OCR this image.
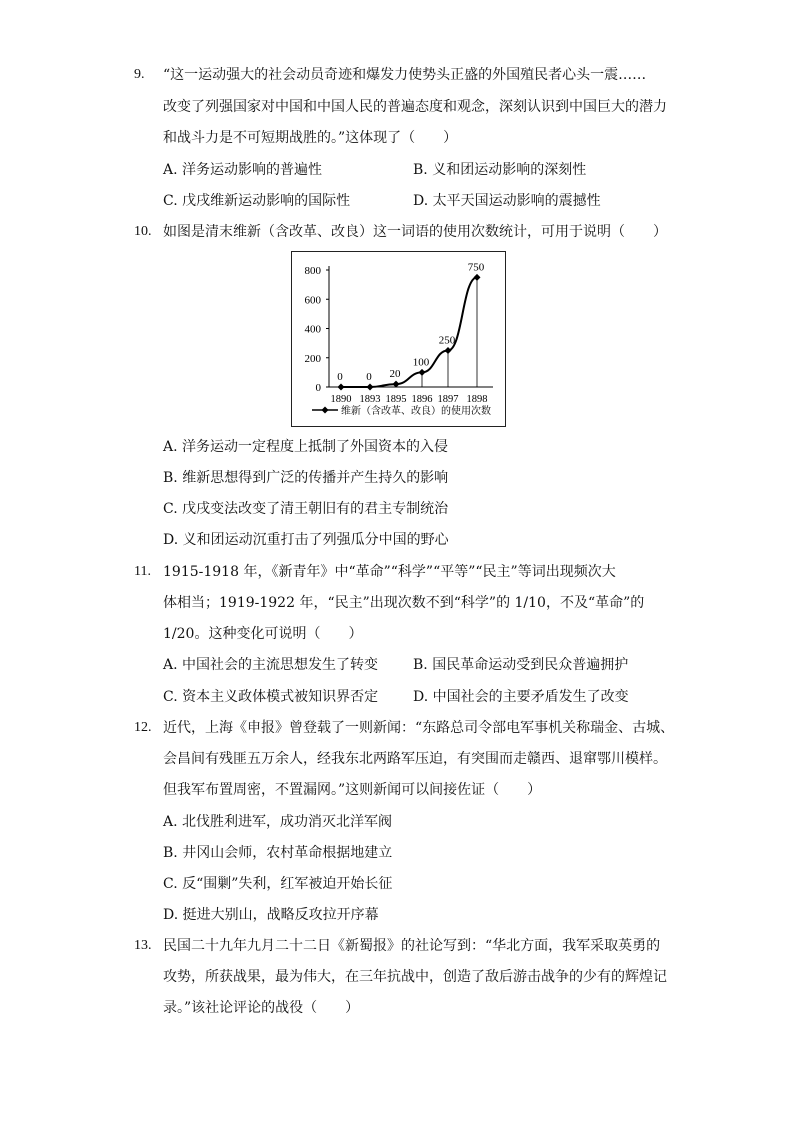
9. “这一运动强大的社会动员奇迹和爆发力使势头正盛的外国殖民者心头一震……
改变了列强国家对中国和中国人民的普遍态度和观念，深刻认识到中国巨大的潜力
和战斗力是不可短期战胜的。”这体现了（　　）
A. 洋务运动影响的普遍性	B. 义和团运动影响的深刻性
C. 戊戌维新运动影响的国际性	D. 太平天国运动影响的震撼性
10. 如图是清末维新（含改革、改良）这一词语的使用次数统计，可用于说明（　　）
0
200
400
600
800
1890 1893 1895 1896 1897 1898
0 0 20
100
250
750
维新（含改革、改良）的使用次数
A. 洋务运动一定程度上抵制了外国资本的入侵
B. 维新思想得到广泛的传播并产生持久的影响
C. 戊戌变法改变了清王朝旧有的君主专制统治
D. 义和团运动沉重打击了列强瓜分中国的野心
11. 1915-1918 年，《新青年》中“革命”“科学”“平等”“民主”等词出现频次大
体相当；1919-1922 年，“民主”出现次数不到“科学”的 1/10，不及“革命”的
1/20。这种变化可说明（　　）
A. 中国社会的主流思想发生了转变 B. 国民革命运动受到民众普遍拥护
C. 资本主义政体模式被知识界否定 D. 中国社会的主要矛盾发生了改变
12. 近代，上海《申报》曾登载了一则新闻：“东路总司令部电军事机关称瑞金、古城、
会昌间有残匪五万余人，经我东北两路军压迫，有突围而走赣西、退窜鄂川模样。
但我军布置周密，不置漏网。”这则新闻可以间接佐证（　　）
A. 北伐胜利进军，成功消灭北洋军阀
B. 井冈山会师，农村革命根据地建立
C. 反“围剿”失利，红军被迫开始长征
D. 挺进大别山，战略反攻拉开序幕
13. 民国二十九年九月二十二日《新蜀报》的社论写到：“华北方面，我军采取英勇的
攻势，所获战果，最为伟大，在三年抗战中，创造了敌后游击战争的少有的辉煌记
录。”该社论评论的战役（　　）
